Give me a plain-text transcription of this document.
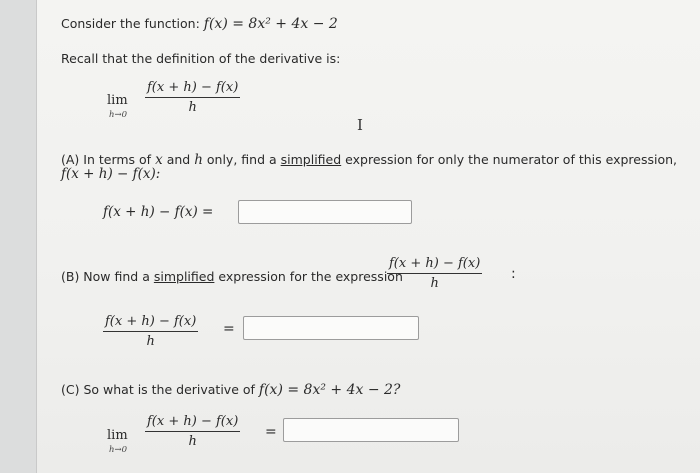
Consider the function: f(x) = 8x² + 4x − 2
Recall that the definition of the derivative is:
lim
$h\to 0 \frac{f(x + h) - f(x)}{h}$
I
(A) In terms of x and h only, find a simplified expression for only the numerator of this expression,
f(x + h) − f(x):
f(x + h) − f(x) =
(B) Now find a simplified expression for the expression
$\frac{f(x + h) - f(x)}{h}$ :
$\frac{f(x + h) - f(x)}{h}$ =
(C) So what is the derivative of f(x) = 8x² + 4x − 2?
lim
h→0
$\frac{f(x + h) - f(x)}{h}$ =
